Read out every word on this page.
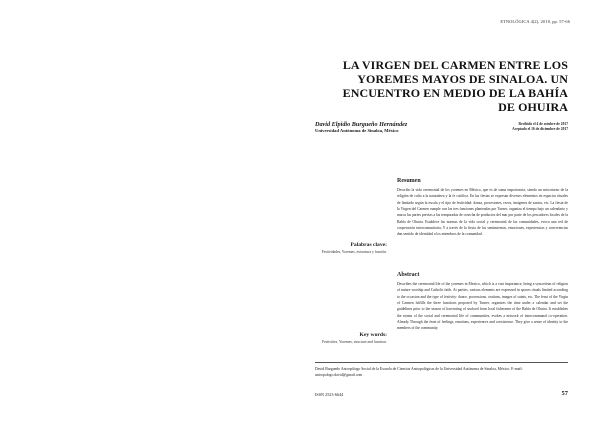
ETNOLÓGICA 4(2), 2018, pp. 57-66
LA VIRGEN DEL CARMEN ENTRE LOS
YOREMES MAYOS DE SINALOA. UN
ENCUENTRO EN MEDIO DE LA BAHÍA
DE OHUIRA
David Elpidio Burgueño Hernández
Universidad Autónoma de Sinaloa, México
Recibido el 4 de octubre de 2017
Aceptado el 16 de diciembre de 2017
Resumen
Describo la vida ceremonial de los yoremes en México, que es de suma importancia, siendo un microtorno de la religión de culto a la naturaleza y la fe católica. En las fiestas se expresan diversos elementos en espacios rituales de limitado según la escala y el tipo de festividad: danza, procesiones, rezos, imágenes de santos, etc. La fiesta de la Virgen del Carmen cumple con las tres funciones planteadas por Turner, organiza el tiempo bajo un calendario y marca las partes previas a las temporadas de cosecha de productos del mar por parte de los pescadores locales de la Bahía de Ohuira. Establece las normas de la vida social y ceremonial de las comunidades, evoca una red de cooperación intercomunitaria; Y a través de la fiesta de los sentimientos, emociones, experiencias y convivencias dan sentido de identidad a los miembros de la comunidad.
Palabras clave:
Festividades, Yoremes, estructura y función.
Abstract
Describes the ceremonial life of the yoremes in Mexico, which is a vast importance, being a syncretism of religion of nature worship and Catholic faith. At parties, various elements are expressed in spaces rituals limited according to the occasion and the type of festivity: dance, processions, orations, images of saints, etc. The feast of the Virgin of Carmen fulfills the three functions proposed by Turner, organizes the time under a calendar and set the guidelines prior to the season of harvesting of seafood from local fishermen of the Bahía de Ohuira. It establishes the norms of the social and ceremonial life of communities, evokes a network of intercommunal co-operation. Already Through the feast of feelings, emotions, experiences and coexistence. They give a sense of identity to the members of the community.
Key words:
Festivities, Yoremes, structure and function.
David Burgueño Antropólogo Social de la Escuela de Ciencias Antropológicas de la Universidad Autónoma de Sinaloa, México. E-mail: antropologo.david@gmail.com
ISSN 2523-6644	57
